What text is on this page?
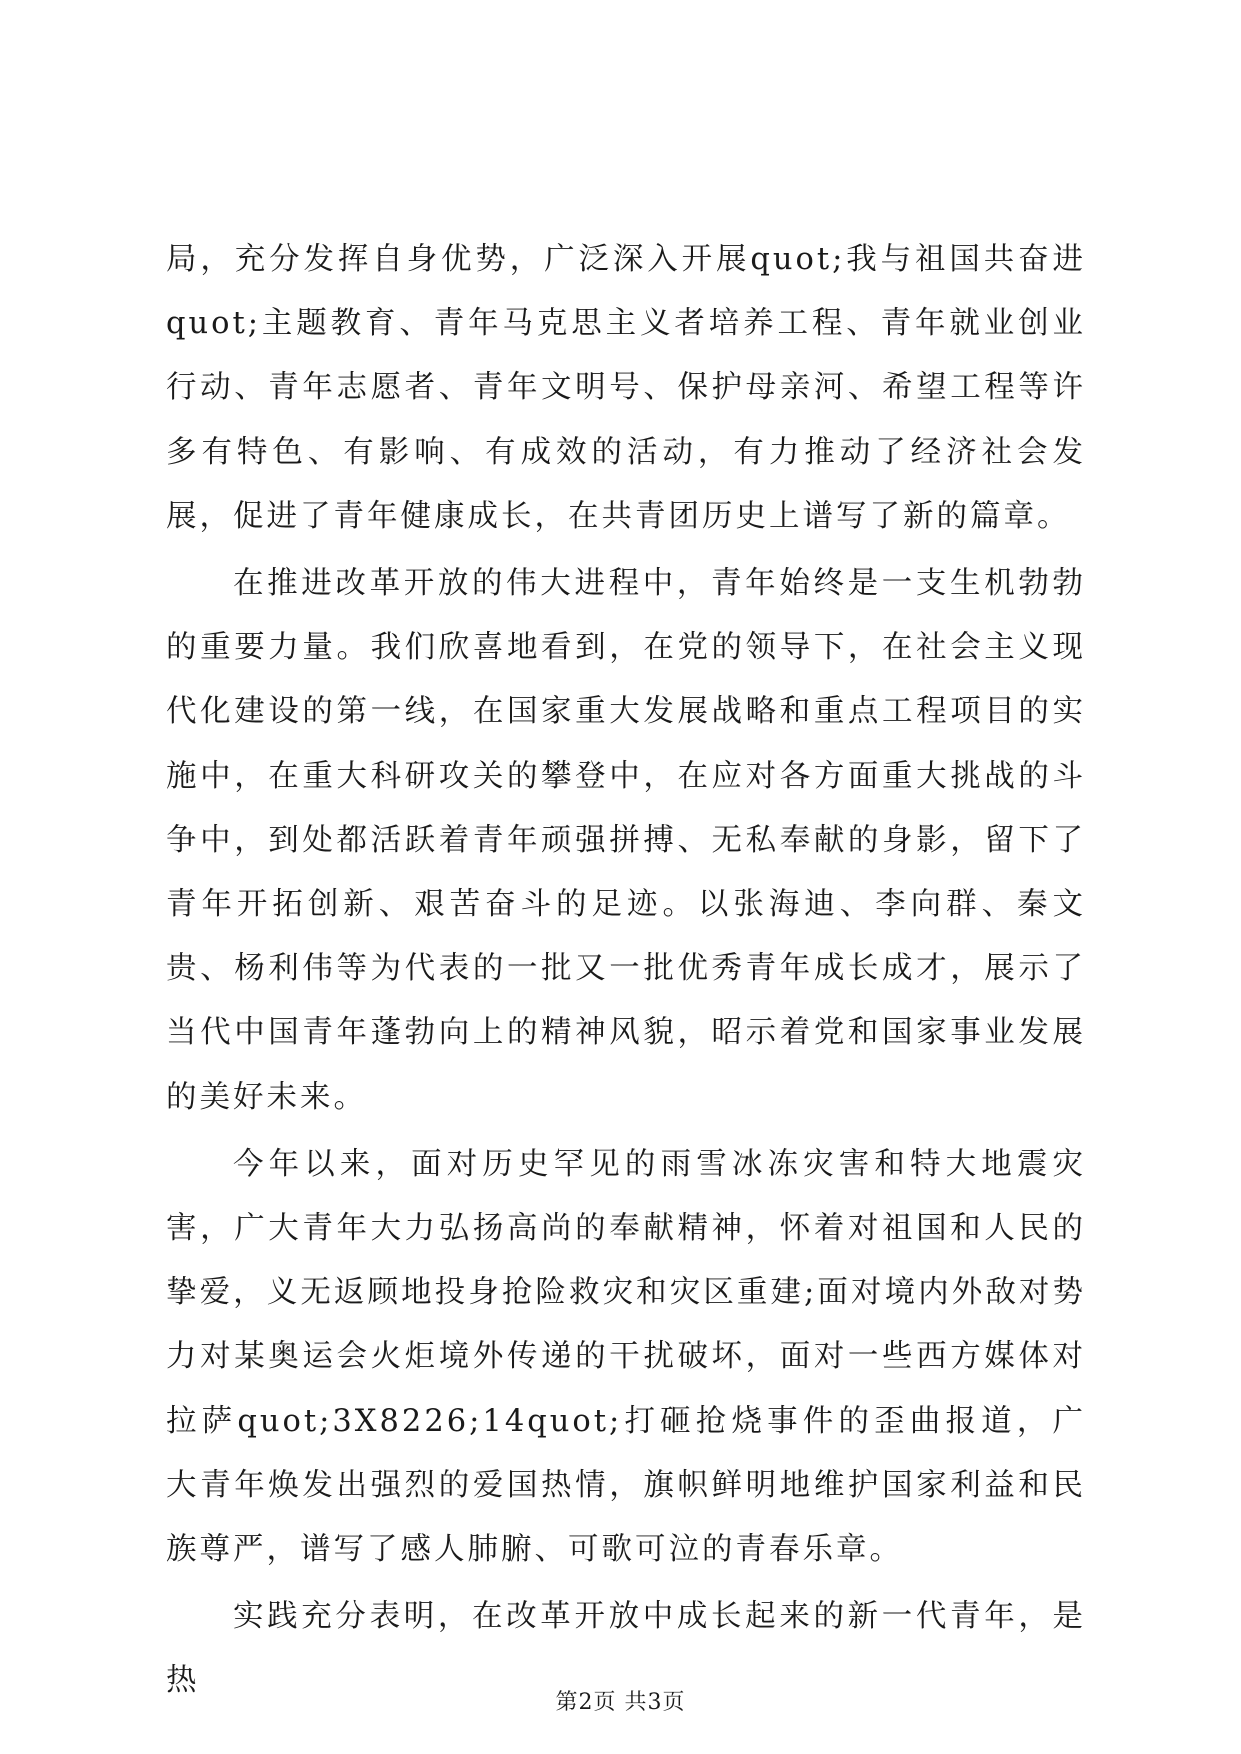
局，充分发挥自身优势，广泛深入开展quot;我与祖国共奋进quot;主题教育、青年马克思主义者培养工程、青年就业创业行动、青年志愿者、青年文明号、保护母亲河、希望工程等许多有特色、有影响、有成效的活动，有力推动了经济社会发展，促进了青年健康成长，在共青团历史上谱写了新的篇章。

在推进改革开放的伟大进程中，青年始终是一支生机勃勃的重要力量。我们欣喜地看到，在党的领导下，在社会主义现代化建设的第一线，在国家重大发展战略和重点工程项目的实施中，在重大科研攻关的攀登中，在应对各方面重大挑战的斗争中，到处都活跃着青年顽强拼搏、无私奉献的身影，留下了青年开拓创新、艰苦奋斗的足迹。以张海迪、李向群、秦文贵、杨利伟等为代表的一批又一批优秀青年成长成才，展示了当代中国青年蓬勃向上的精神风貌，昭示着党和国家事业发展的美好未来。

今年以来，面对历史罕见的雨雪冰冻灾害和特大地震灾害，广大青年大力弘扬高尚的奉献精神，怀着对祖国和人民的挚爱，义无返顾地投身抢险救灾和灾区重建;面对境内外敌对势力对某奥运会火炬境外传递的干扰破坏，面对一些西方媒体对拉萨quot;3X8226;14quot;打砸抢烧事件的歪曲报道，广大青年焕发出强烈的爱国热情，旗帜鲜明地维护国家利益和民族尊严，谱写了感人肺腑、可歌可泣的青春乐章。

实践充分表明，在改革开放中成长起来的新一代青年，是热

第2页 共3页
